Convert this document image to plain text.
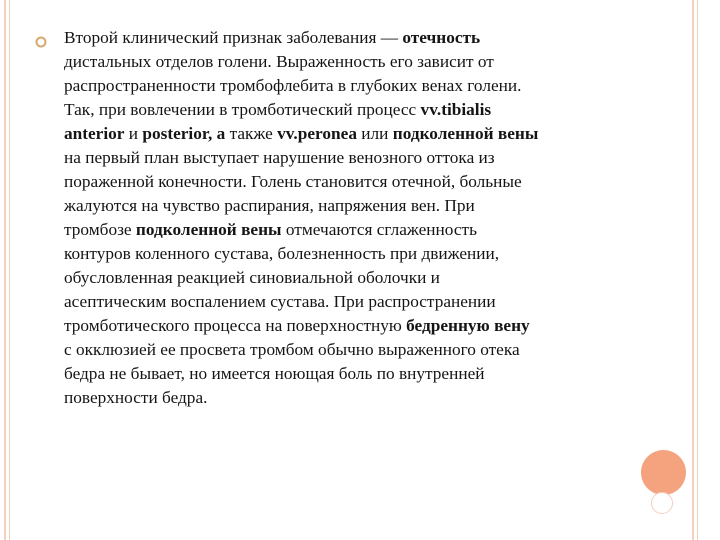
Второй клинический признак заболевания — отечность
дистальных отделов голени. Выраженность его зависит от
распространенности тромбофлебита в глубоких венах голени.
Так, при вовлечении в тромботический процесс vv.tibialis
anterior и posterior, а также vv.peronea или подколенной вены
на первый план выступает нарушение венозного оттока из
пораженной конечности. Голень становится отечной, больные
жалуются на чувство распирания, напряжения вен. При
тромбозе подколенной вены отмечаются сглаженность
контуров коленного сустава, болезненность при движении,
обусловленная реакцией синовиальной оболочки и
асептическим воспалением сустава. При распространении
тромботического процесса на поверхностную бедренную вену
с окклюзией ее просвета тромбом обычно выраженного отека
бедра не бывает, но имеется ноющая боль по внутренней
поверхности бедра.
